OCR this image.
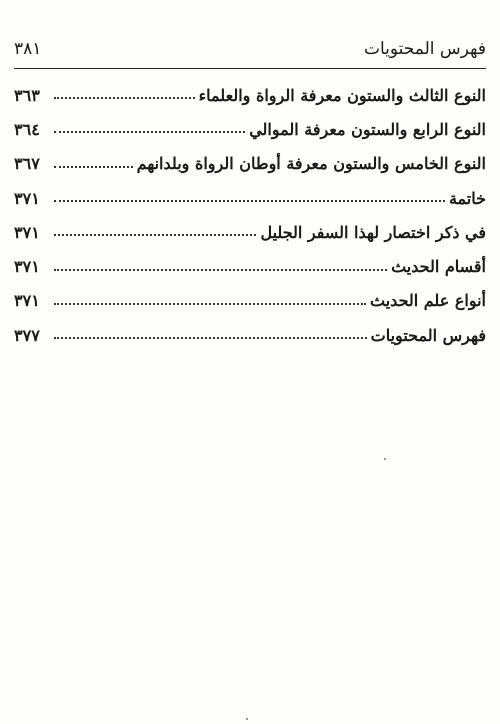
فهرس المحتويات
٣٨١
النوع الثالث والستون معرفة الرواة والعلماء
٣٦٣
النوع الرابع والستون معرفة الموالي
٣٦٤
النوع الخامس والستون معرفة أوطان الرواة وبلدانهم
٣٦٧
خاتمة
٣٧١
في ذكر اختصار لهذا السفر الجليل
٣٧١
أقسام الحديث
٣٧١
أنواع علم الحديث
٣٧١
فهرس المحتويات
٣٧٧
